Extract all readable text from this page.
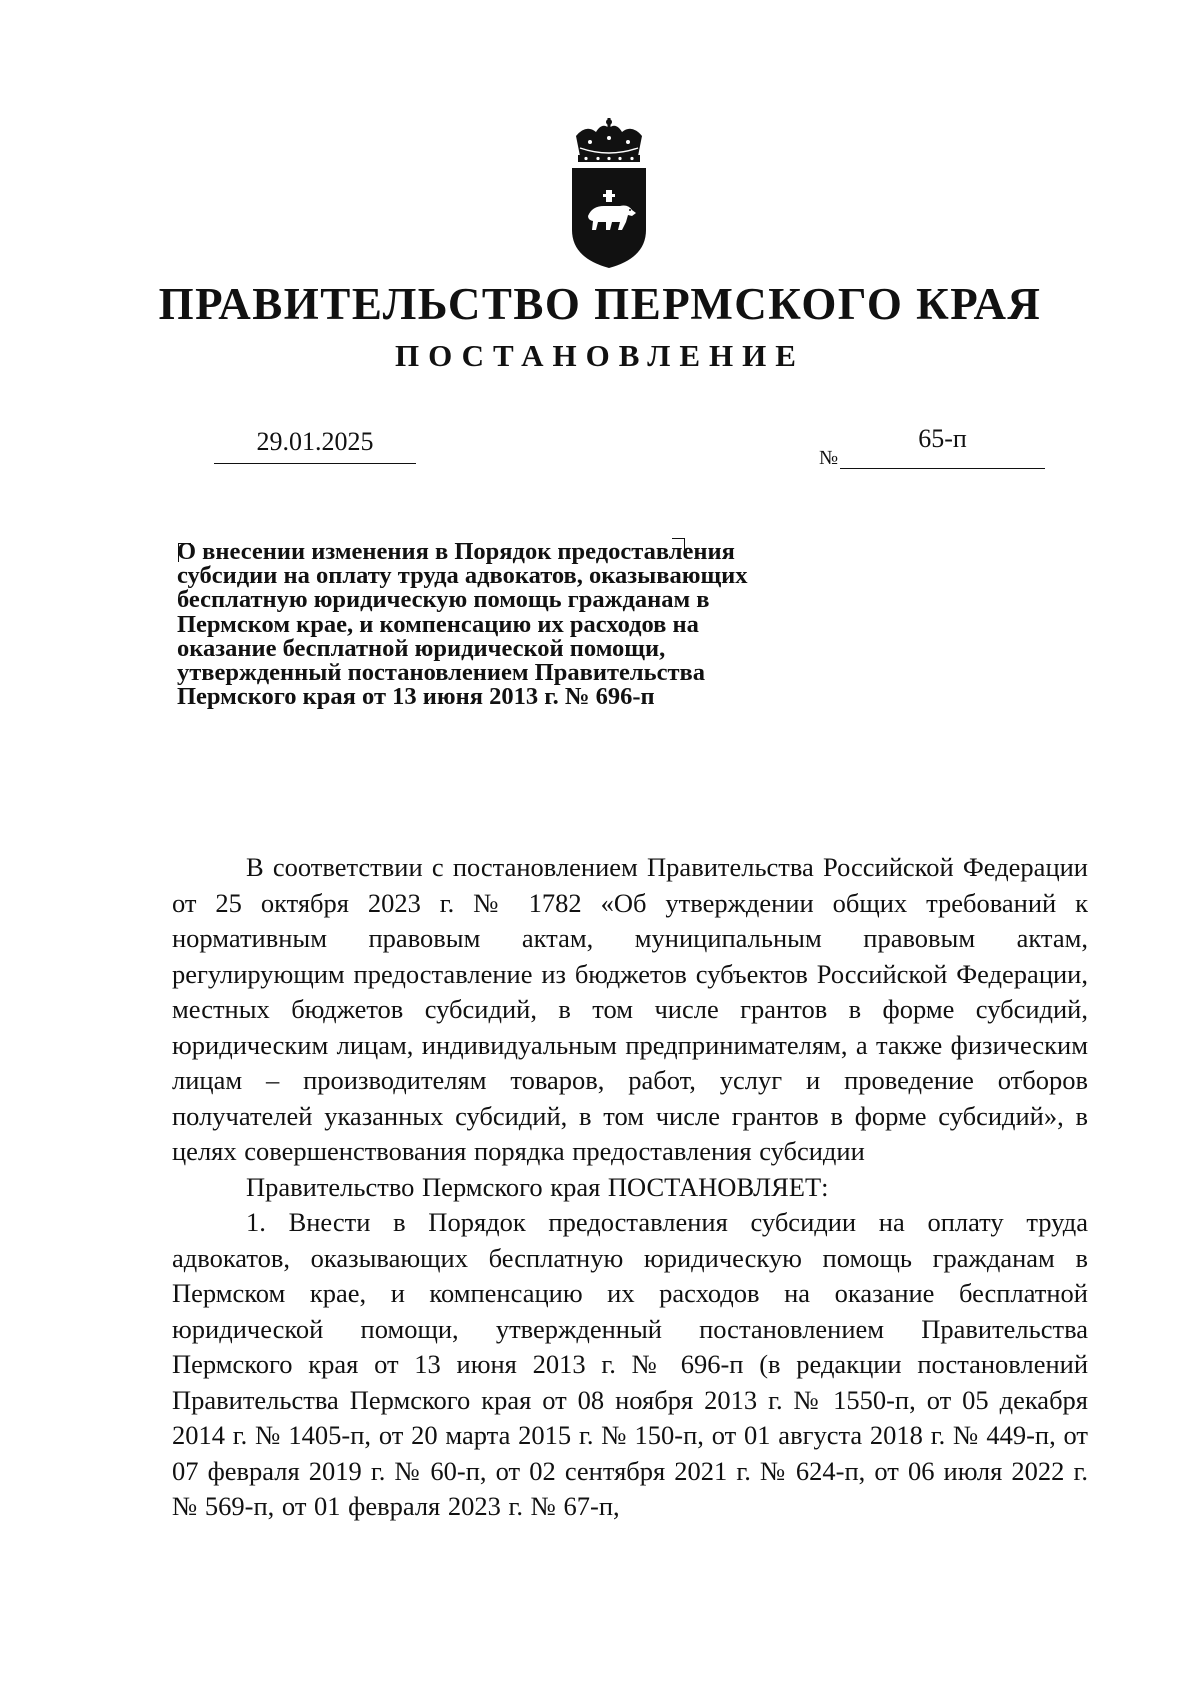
ПРАВИТЕЛЬСТВО ПЕРМСКОГО КРАЯ
ПОСТАНОВЛЕНИЕ
29.01.2025
№
65-п

О внесении изменения в Порядок предоставления субсидии на оплату труда адвокатов, оказывающих бесплатную юридическую помощь гражданам в Пермском крае, и компенсацию их расходов на оказание бесплатной юридической помощи, утвержденный постановлением Правительства Пермского края от 13 июня 2013 г. № 696-п

В соответствии с постановлением Правительства Российской Федерации от 25 октября 2023 г. № 1782 «Об утверждении общих требований к нормативным правовым актам, муниципальным правовым актам, регулирующим предоставление из бюджетов субъектов Российской Федерации, местных бюджетов субсидий, в том числе грантов в форме субсидий, юридическим лицам, индивидуальным предпринимателям, а также физическим лицам – производителям товаров, работ, услуг и проведение отборов получателей указанных субсидий, в том числе грантов в форме субсидий», в целях совершенствования порядка предоставления субсидии

Правительство Пермского края ПОСТАНОВЛЯЕТ:

1. Внести в Порядок предоставления субсидии на оплату труда адвокатов, оказывающих бесплатную юридическую помощь гражданам в Пермском крае, и компенсацию их расходов на оказание бесплатной юридической помощи, утвержденный постановлением Правительства Пермского края от 13 июня 2013 г. № 696-п (в редакции постановлений Правительства Пермского края от 08 ноября 2013 г. № 1550-п, от 05 декабря 2014 г. № 1405-п, от 20 марта 2015 г. № 150-п, от 01 августа 2018 г. № 449-п, от 07 февраля 2019 г. № 60-п, от 02 сентября 2021 г. № 624-п, от 06 июля 2022 г. № 569-п, от 01 февраля 2023 г. № 67-п,
